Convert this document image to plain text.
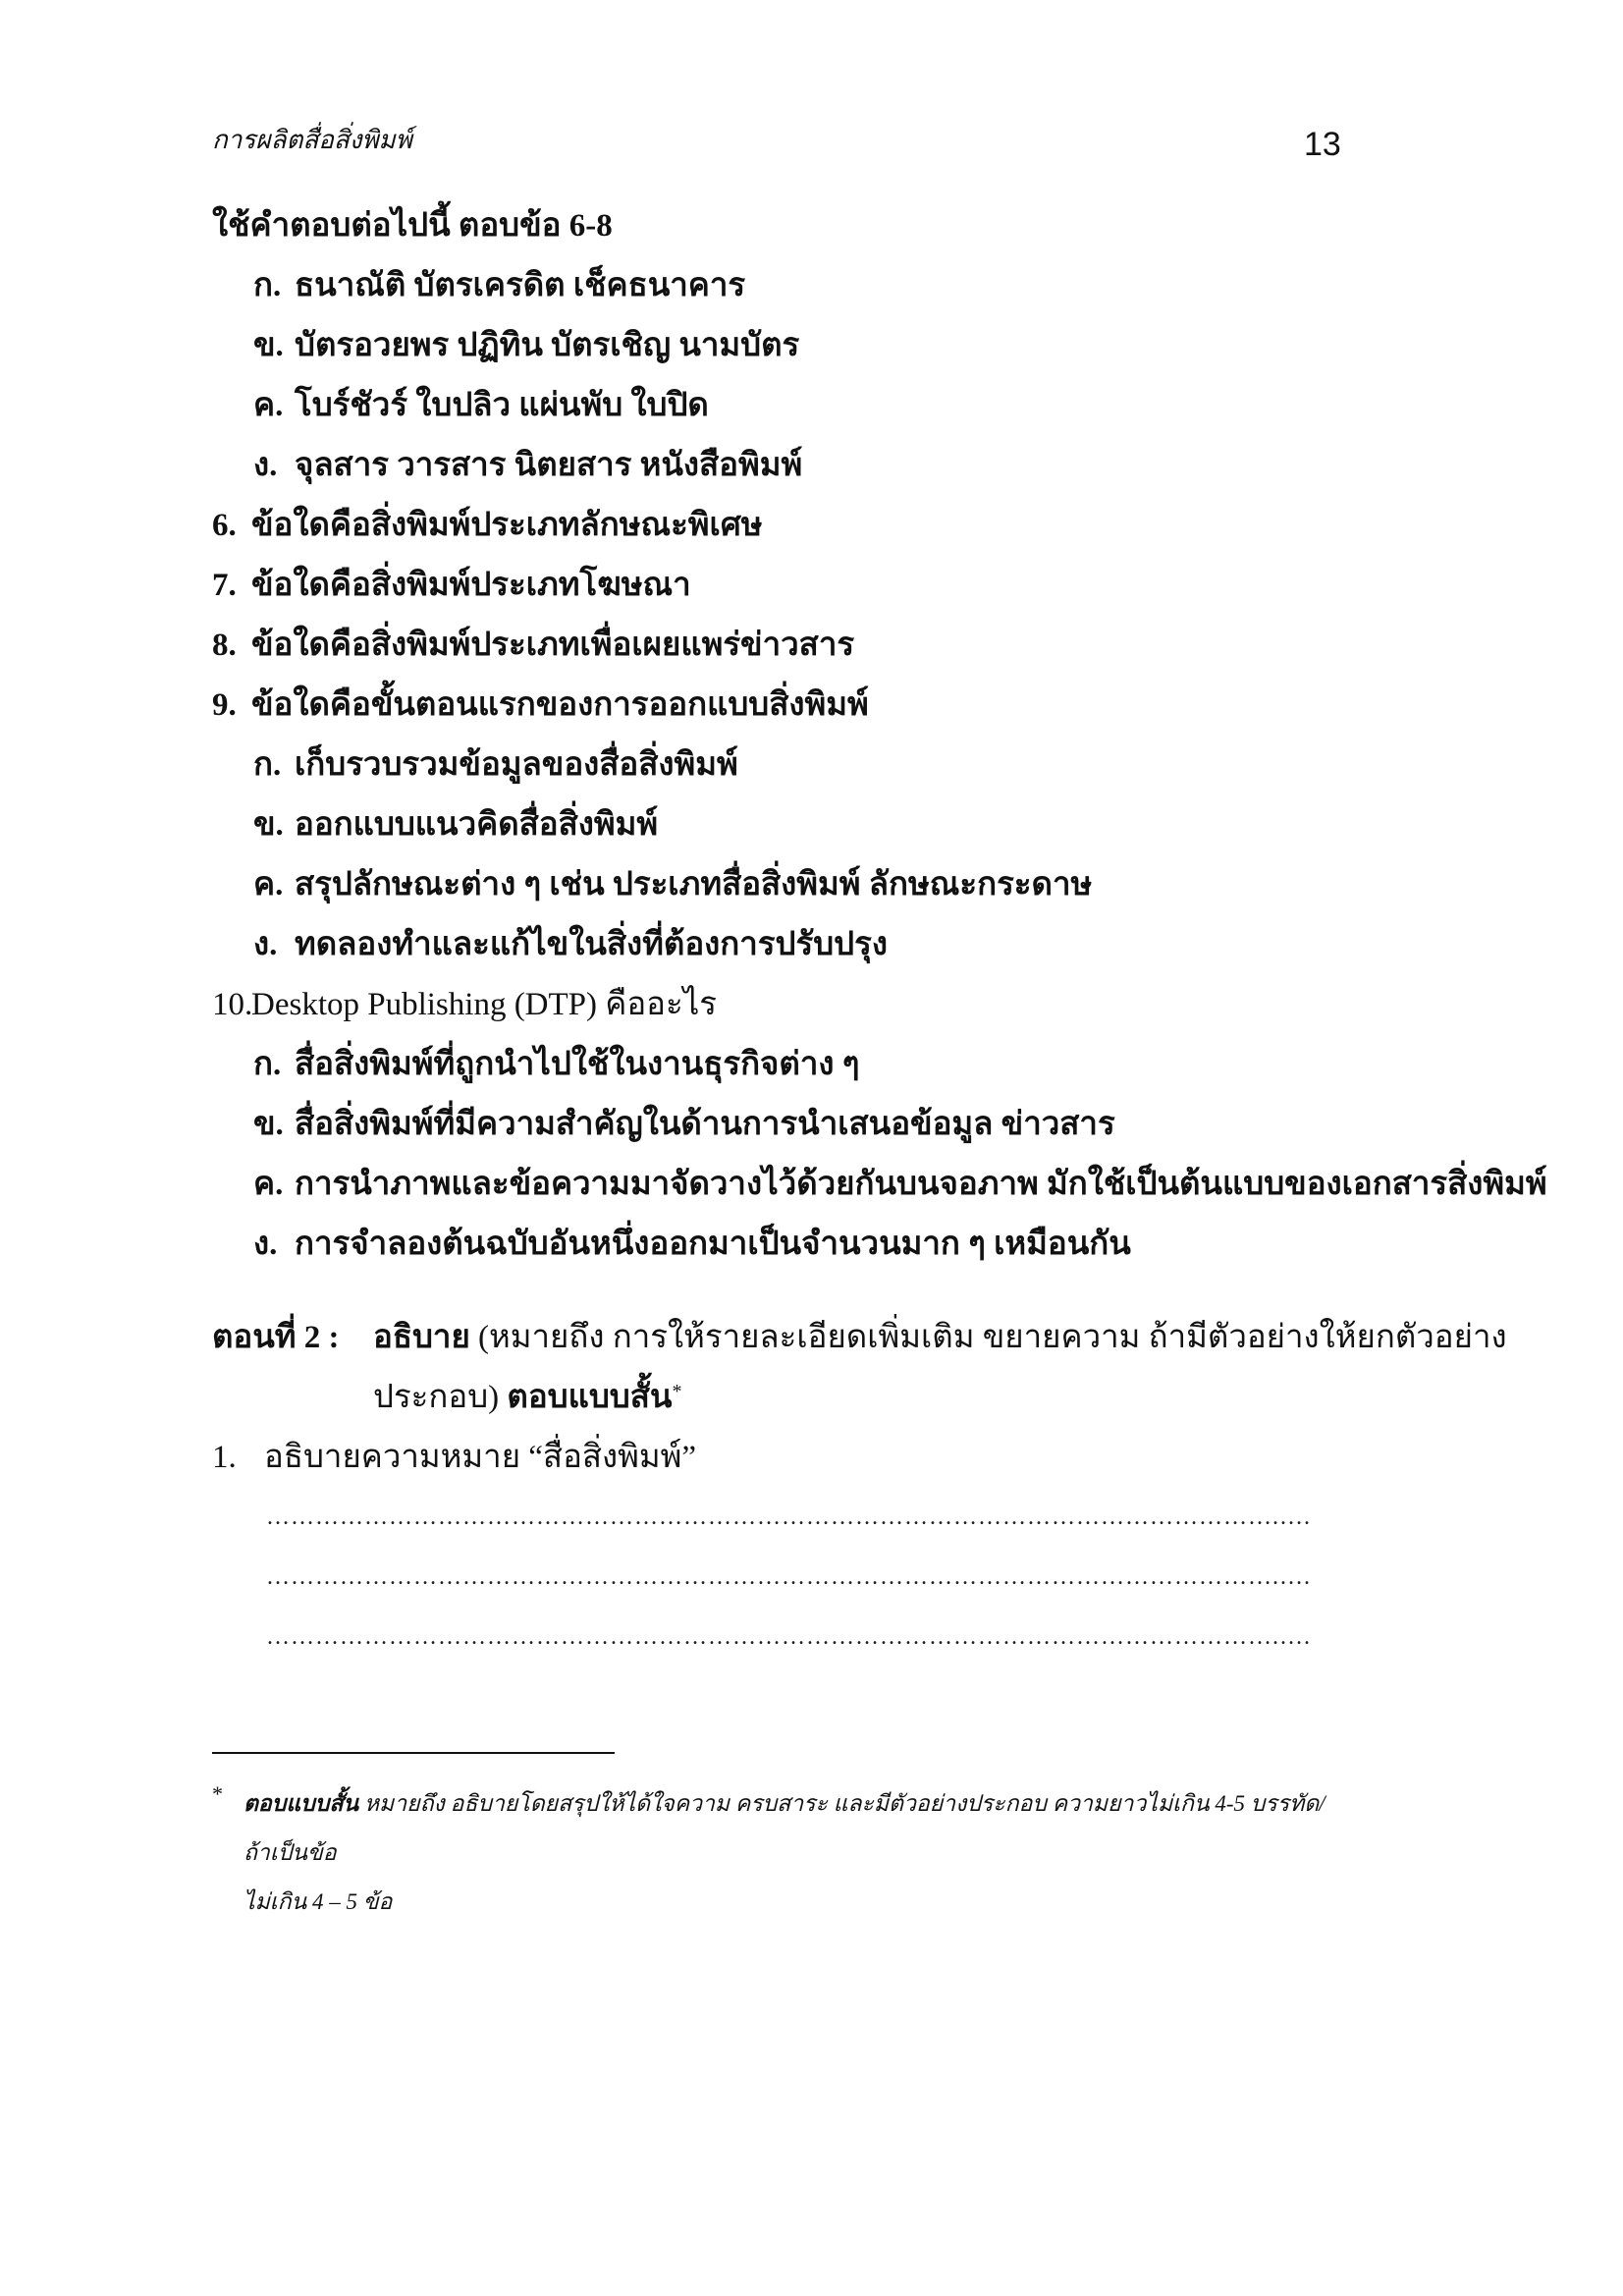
การผลิตสื่อสิ่งพิมพ์	13
ใช้คำตอบต่อไปนี้ ตอบข้อ 6-8
ก. ธนาณัติ บัตรเครดิต เช็คธนาคาร
ข. บัตรอวยพร ปฏิทิน บัตรเชิญ นามบัตร
ค. โบร์ชัวร์ ใบปลิว แผ่นพับ ใบปิด
ง. จุลสาร วารสาร นิตยสาร หนังสือพิมพ์
6. ข้อใดคือสิ่งพิมพ์ประเภทลักษณะพิเศษ
7. ข้อใดคือสิ่งพิมพ์ประเภทโฆษณา
8. ข้อใดคือสิ่งพิมพ์ประเภทเพื่อเผยแพร่ข่าวสาร
9. ข้อใดคือขั้นตอนแรกของการออกแบบสิ่งพิมพ์
ก. เก็บรวบรวมข้อมูลของสื่อสิ่งพิมพ์
ข. ออกแบบแนวคิดสื่อสิ่งพิมพ์
ค. สรุปลักษณะต่าง ๆ เช่น ประเภทสื่อสิ่งพิมพ์ ลักษณะกระดาษ
ง. ทดลองทำและแก้ไขในสิ่งที่ต้องการปรับปรุง
10.Desktop Publishing (DTP) คืออะไร
ก. สื่อสิ่งพิมพ์ที่ถูกนำไปใช้ในงานธุรกิจต่าง ๆ
ข. สื่อสิ่งพิมพ์ที่มีความสำคัญในด้านการนำเสนอข้อมูล ข่าวสาร
ค. การนำภาพและข้อความมาจัดวางไว้ด้วยกันบนจอภาพ มักใช้เป็นต้นแบบของเอกสารสิ่งพิมพ์
ง. การจำลองต้นฉบับอันหนึ่งออกมาเป็นจำนวนมาก ๆ เหมือนกัน
ตอนที่ 2 :	อธิบาย (หมายถึง การให้รายละเอียดเพิ่มเติม ขยายความ ถ้ามีตัวอย่างให้ยกตัวอย่าง
ประกอบ) ตอบแบบสั้น*
1. อธิบายความหมาย “สื่อสิ่งพิมพ์”
…………………………………………………………………………………………………………….….
…………………………………………………………………………………………………………….….
…………………………………………………………………………………………………………….….
* ตอบแบบสั้น หมายถึง อธิบายโดยสรุปให้ได้ใจความ ครบสาระ และมีตัวอย่างประกอบ ความยาวไม่เกิน 4-5 บรรทัด/ถ้าเป็นข้อ
ไม่เกิน 4 – 5 ข้อ
